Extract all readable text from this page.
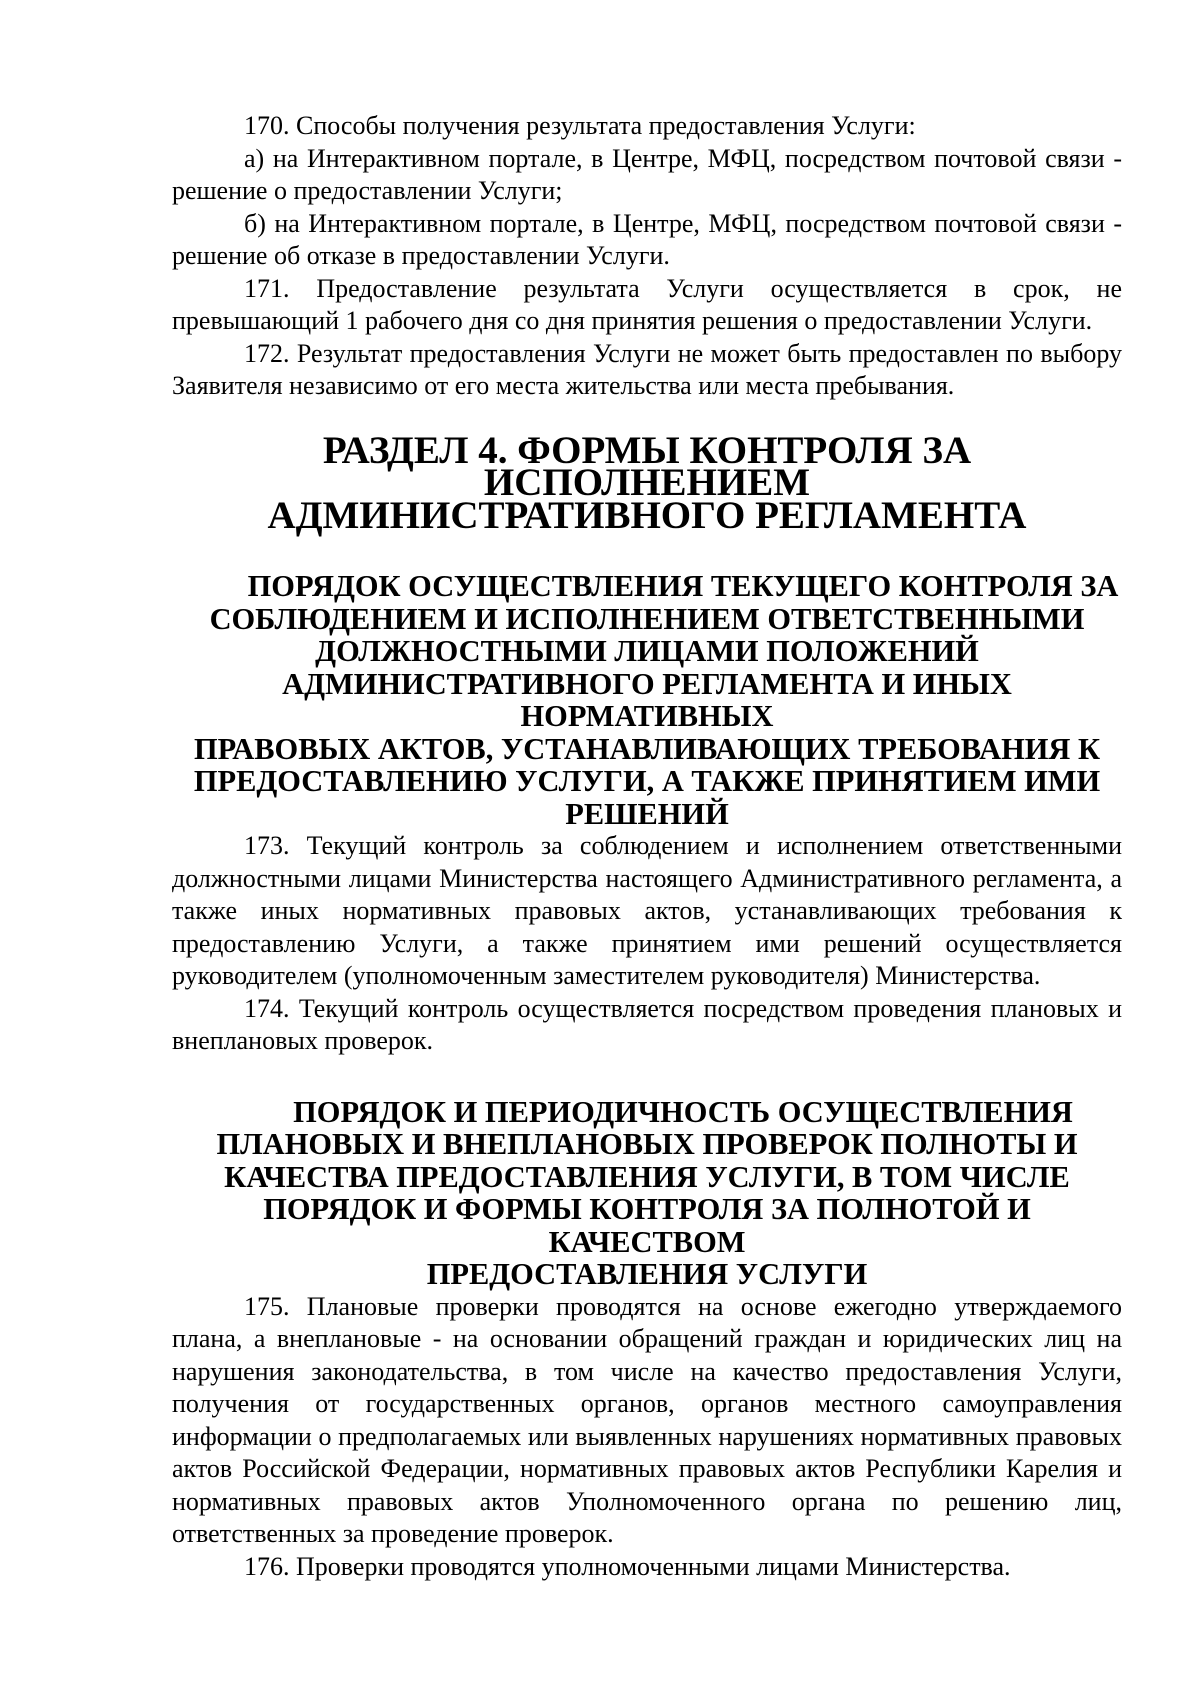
170. Способы получения результата предоставления Услуги:

а) на Интерактивном портале, в Центре, МФЦ, посредством почтовой связи - решение о предоставлении Услуги;

б) на Интерактивном портале, в Центре, МФЦ, посредством почтовой связи - решение об отказе в предоставлении Услуги.

171. Предоставление результата Услуги осуществляется в срок, не превышающий 1 рабочего дня со дня принятия решения о предоставлении Услуги.

172. Результат предоставления Услуги не может быть предоставлен по выбору Заявителя независимо от его места жительства или места пребывания.

РАЗДЕЛ 4. ФОРМЫ КОНТРОЛЯ ЗА ИСПОЛНЕНИЕМ
АДМИНИСТРАТИВНОГО РЕГЛАМЕНТА
ПОРЯДОК ОСУЩЕСТВЛЕНИЯ ТЕКУЩЕГО КОНТРОЛЯ ЗА
СОБЛЮДЕНИЕМ И ИСПОЛНЕНИЕМ ОТВЕТСТВЕННЫМИ
ДОЛЖНОСТНЫМИ ЛИЦАМИ ПОЛОЖЕНИЙ
АДМИНИСТРАТИВНОГО РЕГЛАМЕНТА И ИНЫХ НОРМАТИВНЫХ
ПРАВОВЫХ АКТОВ, УСТАНАВЛИВАЮЩИХ ТРЕБОВАНИЯ К
ПРЕДОСТАВЛЕНИЮ УСЛУГИ, А ТАКЖЕ ПРИНЯТИЕМ ИМИ
РЕШЕНИЙ

173. Текущий контроль за соблюдением и исполнением ответственными должностными лицами Министерства настоящего Административного регламента, а также иных нормативных правовых актов, устанавливающих требования к предоставлению Услуги, а также принятием ими решений осуществляется руководителем (уполномоченным заместителем руководителя) Министерства.

174. Текущий контроль осуществляется посредством проведения плановых и внеплановых проверок.

ПОРЯДОК И ПЕРИОДИЧНОСТЬ ОСУЩЕСТВЛЕНИЯ
ПЛАНОВЫХ И ВНЕПЛАНОВЫХ ПРОВЕРОК ПОЛНОТЫ И
КАЧЕСТВА ПРЕДОСТАВЛЕНИЯ УСЛУГИ, В ТОМ ЧИСЛЕ
ПОРЯДОК И ФОРМЫ КОНТРОЛЯ ЗА ПОЛНОТОЙ И КАЧЕСТВОМ
ПРЕДОСТАВЛЕНИЯ УСЛУГИ

175. Плановые проверки проводятся на основе ежегодно утверждаемого плана, а внеплановые - на основании обращений граждан и юридических лиц на нарушения законодательства, в том числе на качество предоставления Услуги, получения от государственных органов, органов местного самоуправления информации о предполагаемых или выявленных нарушениях нормативных правовых актов Российской Федерации, нормативных правовых актов Республики Карелия и нормативных правовых актов Уполномоченного органа по решению лиц, ответственных за проведение проверок.

176. Проверки проводятся уполномоченными лицами Министерства.
